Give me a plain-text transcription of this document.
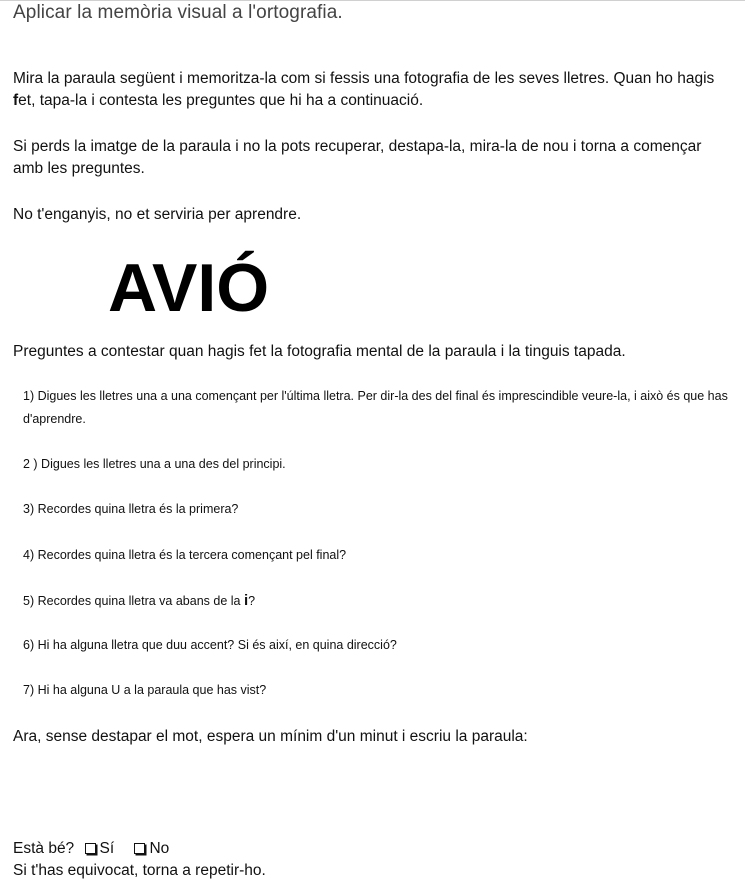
Aplicar la memòria visual a l'ortografia.
Mira la paraula següent i memoritza-la com si fessis una fotografia de les seves lletres. Quan ho hagis fet, tapa-la i contesta les preguntes que hi ha a continuació.
Si perds la imatge de la paraula i no la pots recuperar, destapa-la, mira-la de nou i torna a començar amb les preguntes.
No t'enganyis, no et serviria per aprendre.
AVIÓ
Preguntes a contestar quan hagis fet la fotografia mental de la paraula i la tinguis tapada.
1) Digues les lletres una a una començant per l'última lletra. Per dir-la des del final és imprescindible veure-la, i això és que has d'aprendre.
2 ) Digues les lletres una a una des del principi.
3) Recordes quina lletra és la primera?
4) Recordes quina lletra és la tercera començant pel final?
5) Recordes quina lletra va abans de la i?
6) Hi ha alguna lletra que duu accent? Si és així, en quina direcció?
7) Hi ha alguna U a la paraula que has vist?
Ara, sense destapar el mot, espera un mínim d'un minut i escriu la paraula:
Està bé? Sí No
Si t'has equivocat, torna a repetir-ho.
